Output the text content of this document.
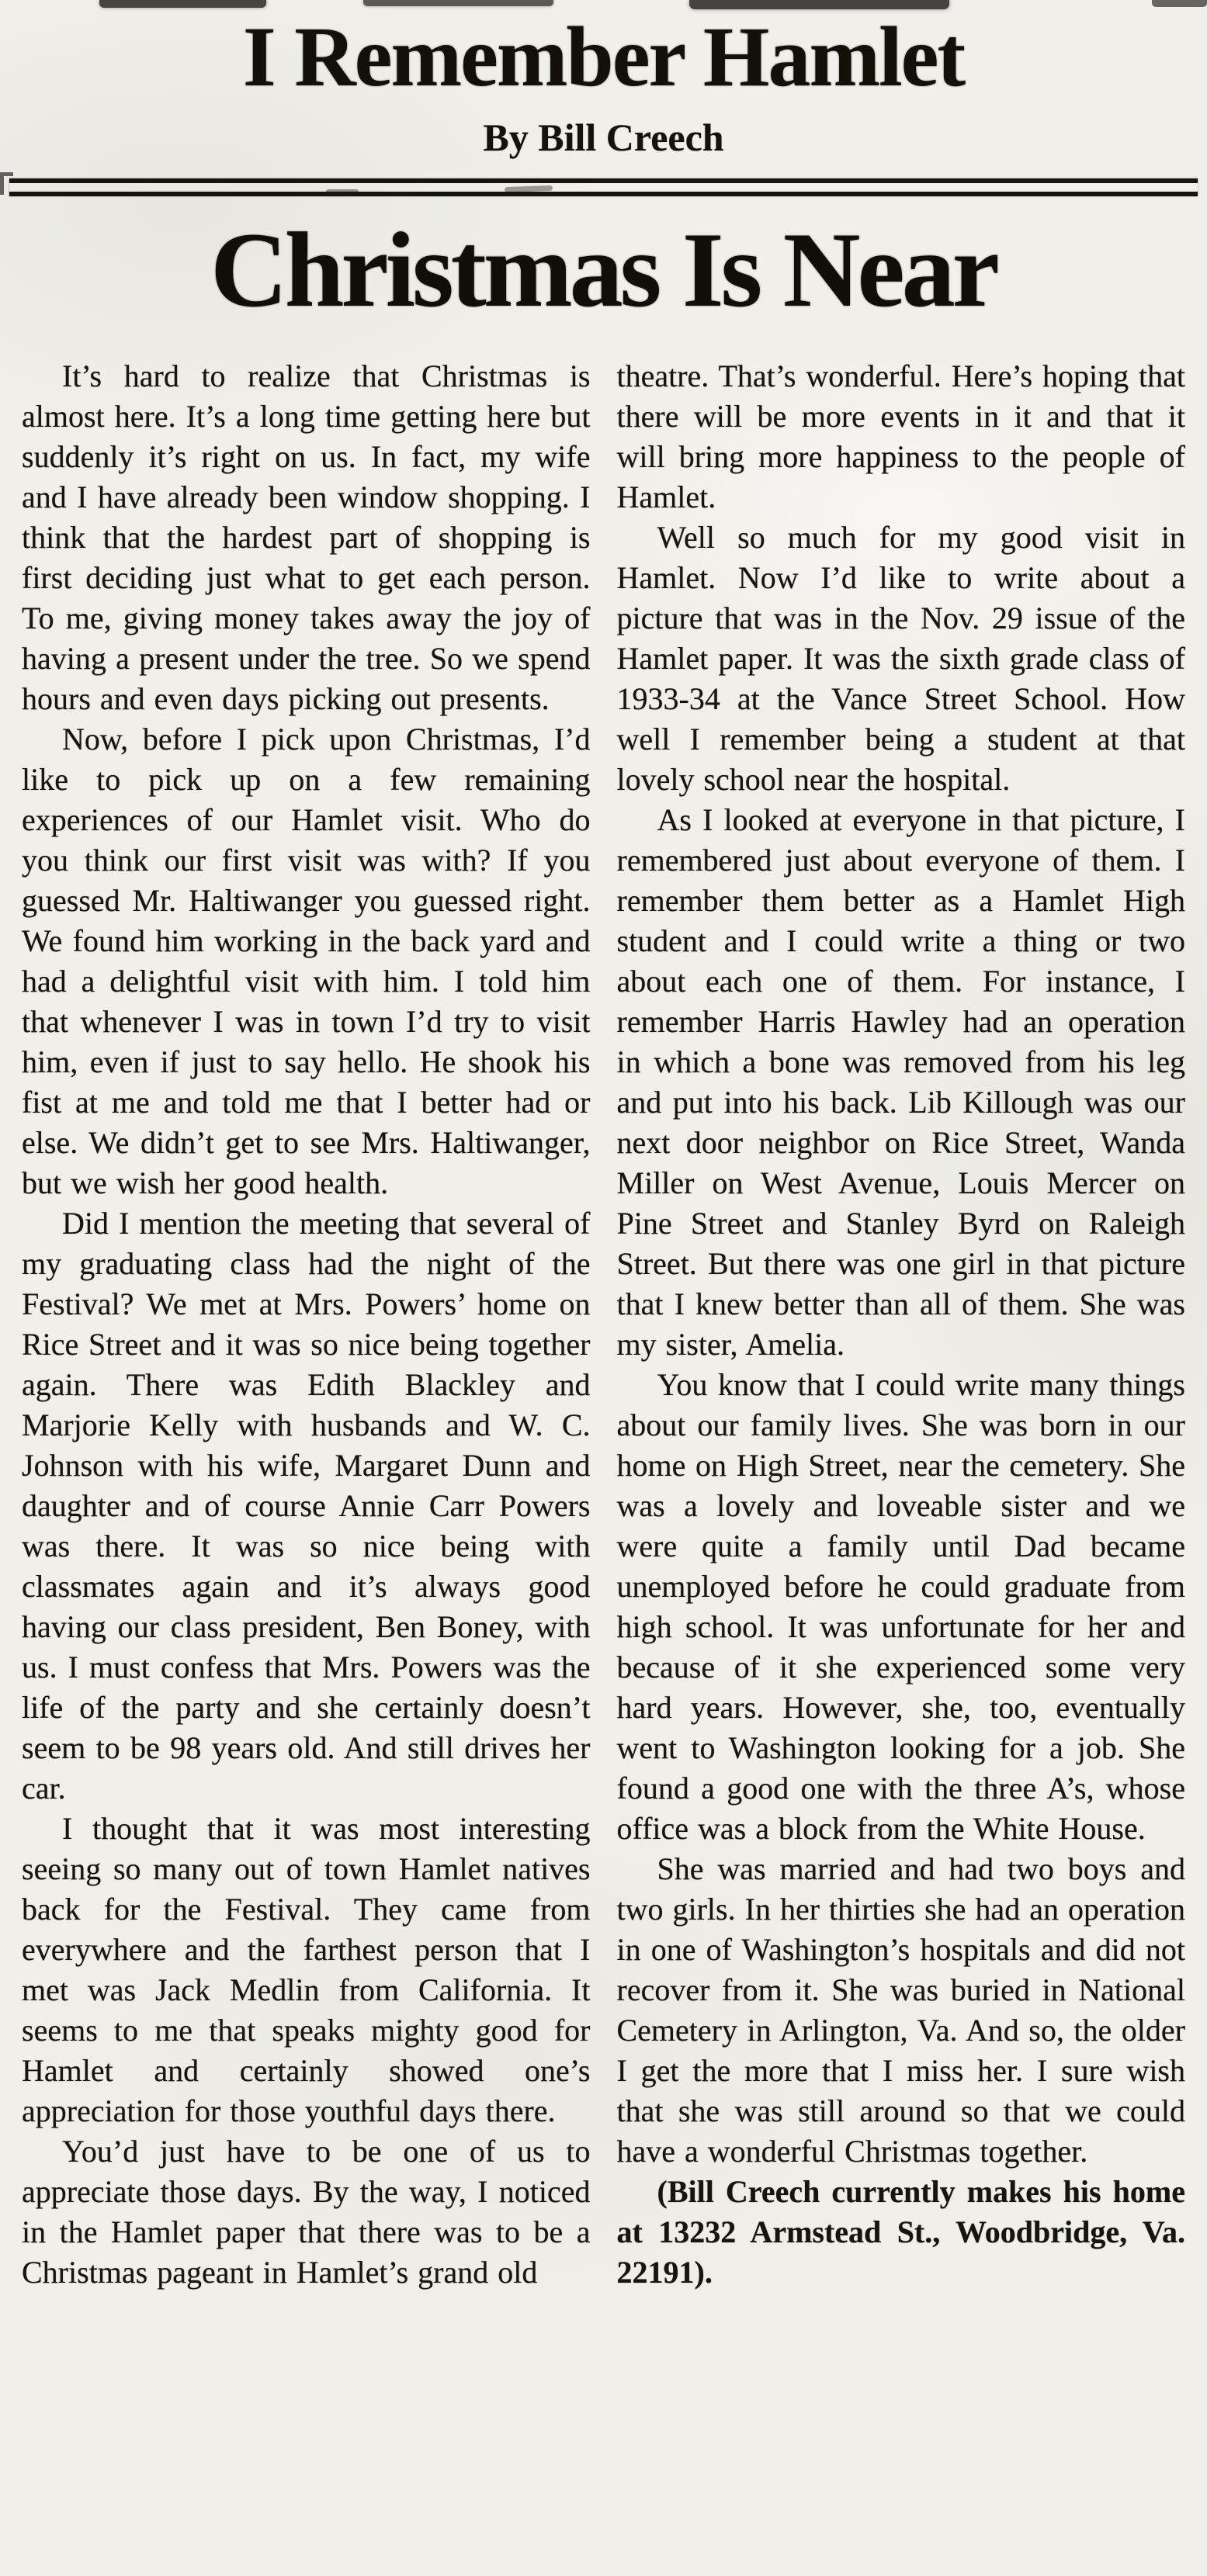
I Remember Hamlet
By Bill Creech
Christmas Is Near

It’s hard to realize that Christmas is almost here. It’s a long time getting here but suddenly it’s right on us. In fact, my wife and I have already been window shopping. I think that the hardest part of shopping is first deciding just what to get each person. To me, giving money takes away the joy of having a present under the tree. So we spend hours and even days picking out presents.

Now, before I pick upon Christmas, I’d like to pick up on a few remaining experiences of our Hamlet visit. Who do you think our first visit was with? If you guessed Mr. Haltiwanger you guessed right. We found him working in the back yard and had a delightful visit with him. I told him that whenever I was in town I’d try to visit him, even if just to say hello. He shook his fist at me and told me that I better had or else. We didn’t get to see Mrs. Haltiwanger, but we wish her good health.

Did I mention the meeting that several of my graduating class had the night of the Festival? We met at Mrs. Powers’ home on Rice Street and it was so nice being together again. There was Edith Blackley and Marjorie Kelly with husbands and W. C. Johnson with his wife, Margaret Dunn and daughter and of course Annie Carr Powers was there. It was so nice being with classmates again and it’s always good having our class president, Ben Boney, with us. I must confess that Mrs. Powers was the life of the party and she certainly doesn’t seem to be 98 years old. And still drives her car.

I thought that it was most interesting seeing so many out of town Hamlet natives back for the Festival. They came from everywhere and the farthest person that I met was Jack Medlin from California. It seems to me that speaks mighty good for Hamlet and certainly showed one’s appreciation for those youthful days there.

You’d just have to be one of us to appreciate those days. By the way, I noticed in the Hamlet paper that there was to be a Christmas pageant in Hamlet’s grand old

theatre. That’s wonderful. Here’s hoping that there will be more events in it and that it will bring more happiness to the people of Hamlet.

Well so much for my good visit in Hamlet. Now I’d like to write about a picture that was in the Nov. 29 issue of the Hamlet paper. It was the sixth grade class of 1933-34 at the Vance Street School. How well I remember being a student at that lovely school near the hospital.

As I looked at everyone in that picture, I remembered just about everyone of them. I remember them better as a Hamlet High student and I could write a thing or two about each one of them. For instance, I remember Harris Hawley had an operation in which a bone was removed from his leg and put into his back. Lib Killough was our next door neighbor on Rice Street, Wanda Miller on West Avenue, Louis Mercer on Pine Street and Stanley Byrd on Raleigh Street. But there was one girl in that picture that I knew better than all of them. She was my sister, Amelia.

You know that I could write many things about our family lives. She was born in our home on High Street, near the cemetery. She was a lovely and loveable sister and we were quite a family until Dad became unemployed before he could graduate from high school. It was unfortunate for her and because of it she experienced some very hard years. However, she, too, eventually went to Washington looking for a job. She found a good one with the three A’s, whose office was a block from the White House.

She was married and had two boys and two girls. In her thirties she had an operation in one of Washington’s hospitals and did not recover from it. She was buried in National Cemetery in Arlington, Va. And so, the older I get the more that I miss her. I sure wish that she was still around so that we could have a wonderful Christmas together.

(Bill Creech currently makes his home at 13232 Armstead St., Woodbridge, Va. 22191).
